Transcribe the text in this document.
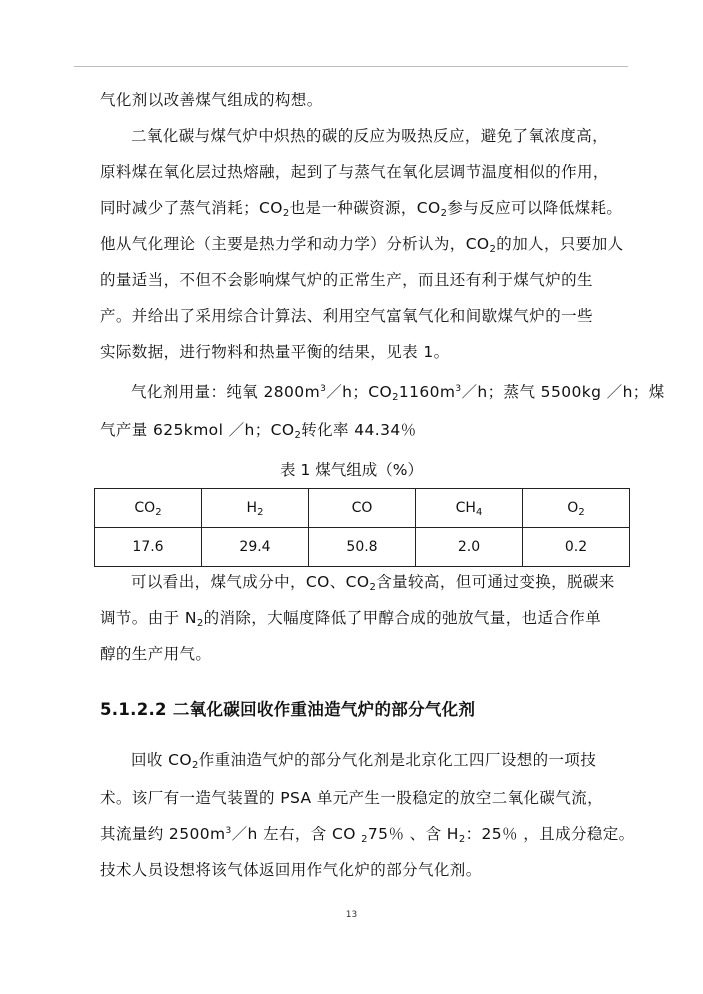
气化剂以改善煤气组成的构想。
二氧化碳与煤气炉中炽热的碳的反应为吸热反应，避免了氧浓度高，
原料煤在氧化层过热熔融，起到了与蒸气在氧化层调节温度相似的作用，
同时减少了蒸气消耗；$CO_2$也是一种碳资源，$CO_2$参与反应可以降低煤耗。
他从气化理论（主要是热力学和动力学）分析认为，$CO_2$的加人，只要加人
的量适当，不但不会影响煤气炉的正常生产，而且还有利于煤气炉的生
产。并给出了采用综合计算法、利用空气富氧气化和间歇煤气炉的一些
实际数据，进行物料和热量平衡的结果，见表 1。
气化剂用量：纯氧 $2800m^3/h$；$CO_21160m^3/h$；蒸气 5500kg ／h；煤
气产量 625kmol ／h；$CO_2$转化率 44.34％
表 1 煤气组成（%）
$CO_2$	$H_2$	CO	$CH_4$	$O_2$
17.6	29.4	50.8	2.0	0.2
可以看出，煤气成分中，CO、$CO_2$含量较高，但可通过变换，脱碳来
调节。由于 $N_2$的消除，大幅度降低了甲醇合成的弛放气量，也适合作单
醇的生产用气。
5.1.2.2 二氧化碳回收作重油造气炉的部分气化剂
回收 $CO_2$作重油造气炉的部分气化剂是北京化工四厂设想的一项技
术。该厂有一造气装置的 PSA 单元产生一股稳定的放空二氧化碳气流，
其流量约 $2500m^3/h$ 左右，含 CO $_2$75％ 、含 $H_2$：25％ ，且成分稳定。
技术人员设想将该气体返回用作气化炉的部分气化剂。
13
